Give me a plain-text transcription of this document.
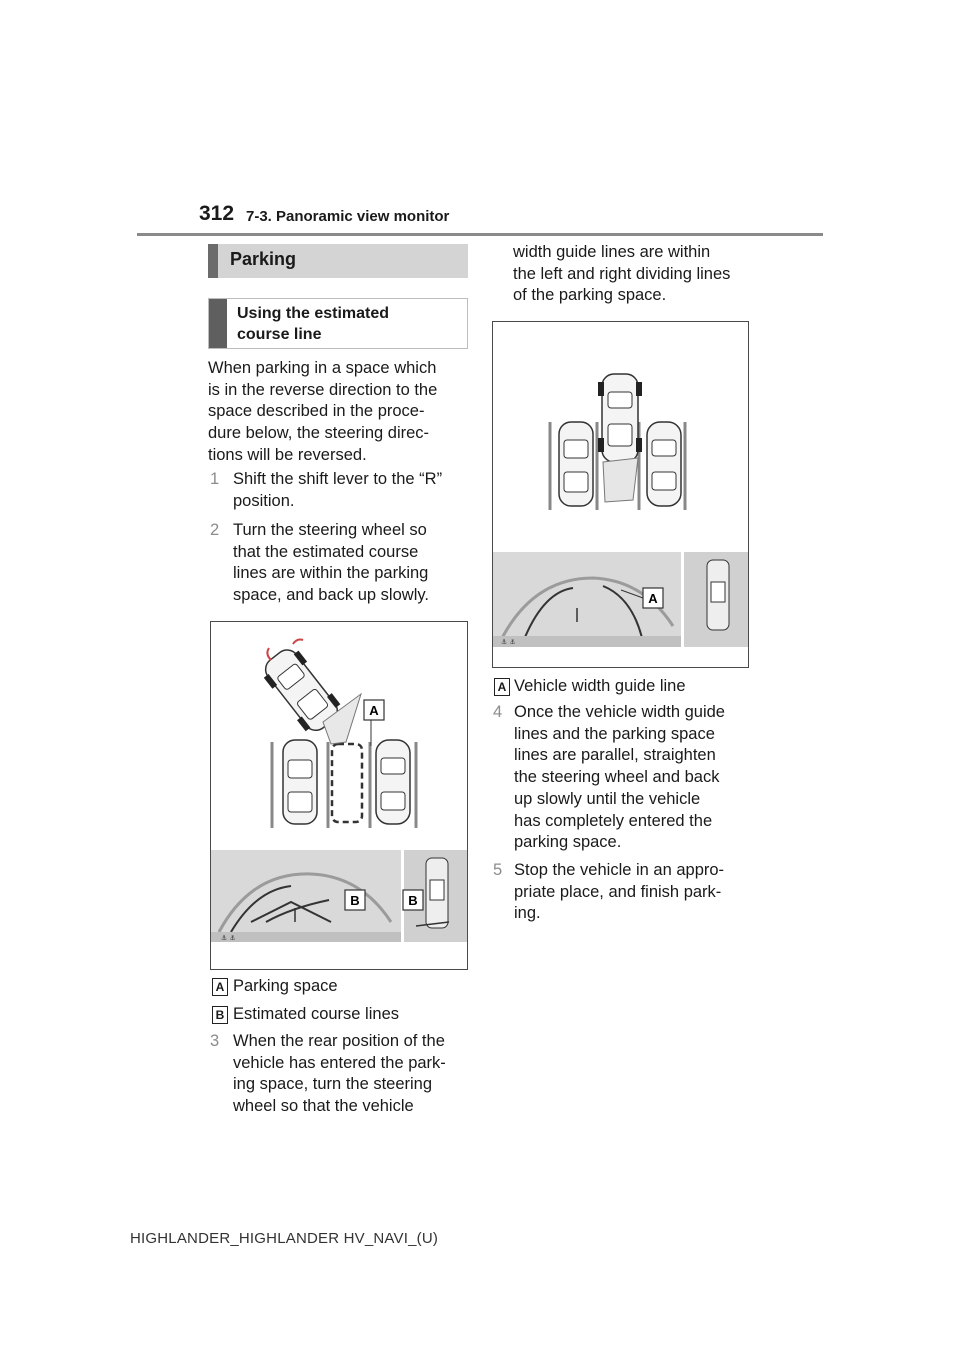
312 7-3. Panoramic view monitor
Parking
Using the estimated course line
When parking in a space which
is in the reverse direction to the
space described in the proce-
dure below, the steering direc-
tions will be reversed.
1 Shift the shift lever to the “R”
position.
2 Turn the steering wheel so
that the estimated course
lines are within the parking
space, and back up slowly.
A
⚓ ⚓
B	B
A Parking space
B Estimated course lines
3 When the rear position of the
vehicle has entered the park-
ing space, turn the steering
wheel so that the vehicle
width guide lines are within
the left and right dividing lines
of the parking space.
⚓ ⚓
A
A Vehicle width guide line
4 Once the vehicle width guide
lines and the parking space
lines are parallel, straighten
the steering wheel and back
up slowly until the vehicle
has completely entered the
parking space.
5 Stop the vehicle in an appro-
priate place, and finish park-
ing.
HIGHLANDER_HIGHLANDER HV_NAVI_(U)
